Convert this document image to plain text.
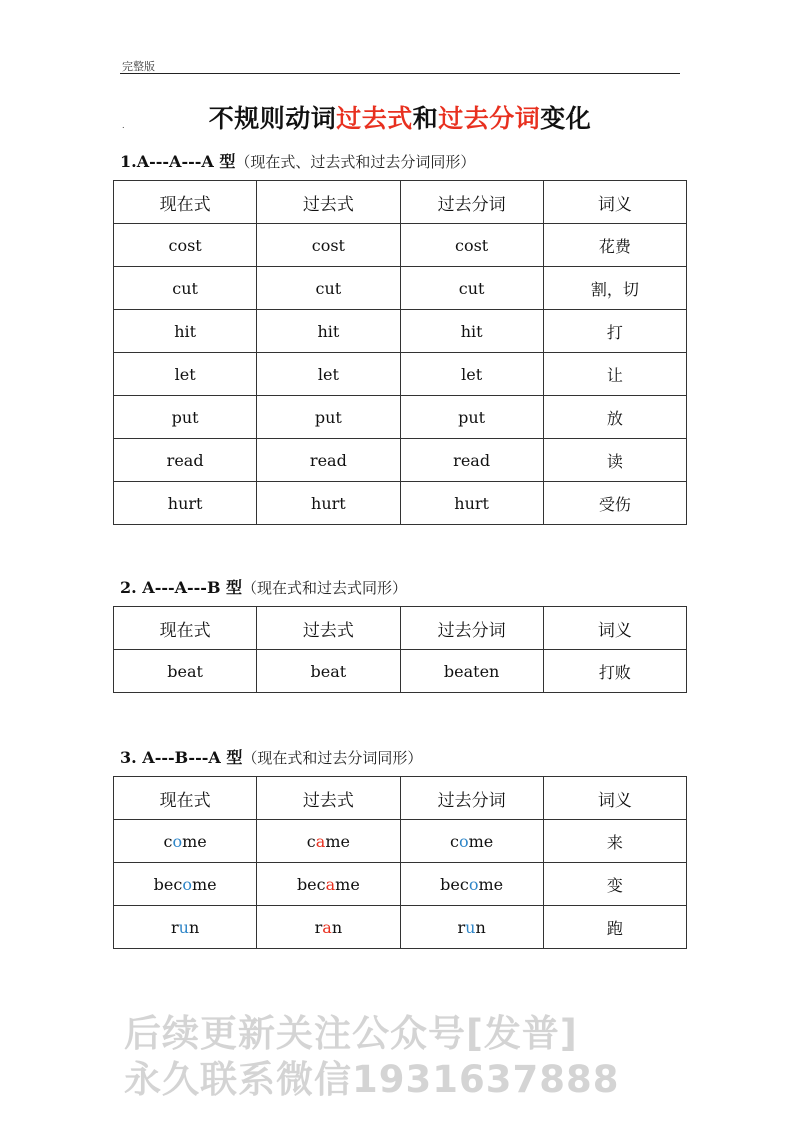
完整版
.	不规则动词过去式和过去分词变化
1.A---A---A 型（现在式、过去式和过去分词同形）
现在式	过去式	过去分词	词义
cost	cost	cost	花费
cut	cut	cut	割，切
hit	hit	hit	打
let	let	let	让
put	put	put	放
read	read	read	读
hurt	hurt	hurt	受伤
2. A---A---B 型（现在式和过去式同形）
现在式	过去式	过去分词	词义
beat	beat	beaten	打败
3. A---B---A 型（现在式和过去分词同形）
现在式	过去式	过去分词	词义
come	came	come	来
become	became	become	变
run	ran	run	跑
后续更新关注公众号[发普]
永久联系微信1931637888
